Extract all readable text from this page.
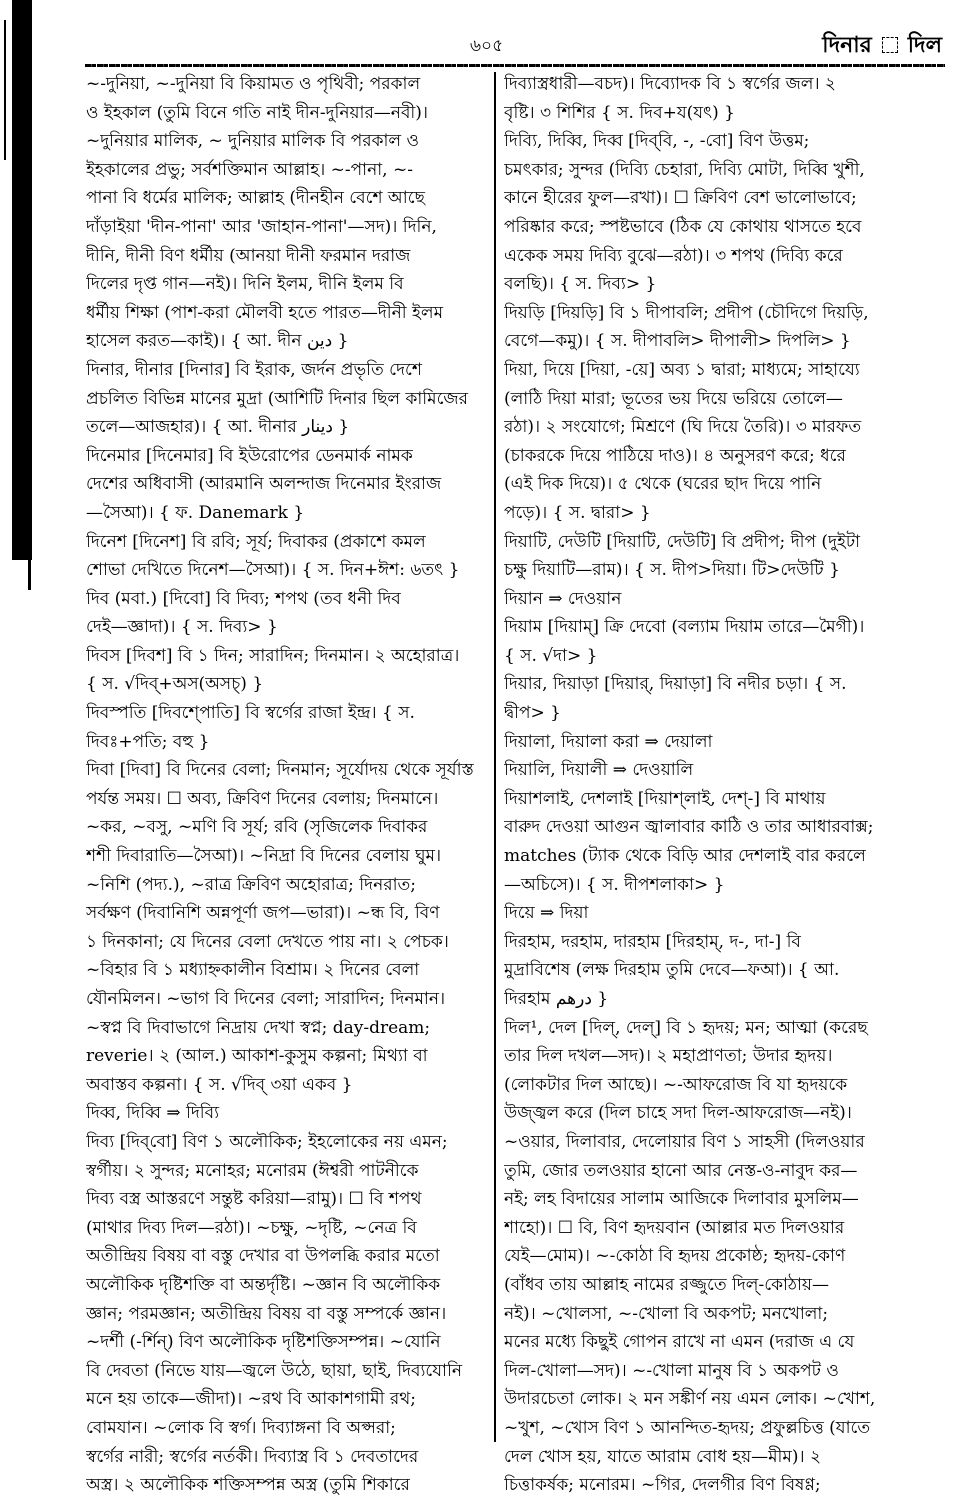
৬০৫	দিনার দিল
~-দুনিয়া, ~-দুনিয়া বি কিয়ামত ও পৃথিবী; পরকাল
ও ইহকাল (তুমি বিনে গতি নাই দীন-দুনিয়ার—নবী)।
~দুনিয়ার মালিক, ~ দুনিয়ার মালিক বি পরকাল ও
ইহকালের প্রভু; সর্বশক্তিমান আল্লাহ। ~-পানা, ~-
পানা বি ধর্মের মালিক; আল্লাহ (দীনহীন বেশে আছে
দাঁড়াইয়া 'দীন-পানা' আর 'জাহান-পানা'—সদ)। দিনি,
দীনি, দীনী বিণ ধর্মীয় (আনয়া দীনী ফরমান দরাজ
দিলের দৃপ্ত গান—নই)। দিনি ইলম, দীনি ইলম বি
ধর্মীয় শিক্ষা (পাশ-করা মৌলবী হতে পারত—দীনী ইলম
হাসেল করত—কাই)। { আ. দীন دين }
দিনার, দীনার [দিনার] বি ইরাক, জর্দন প্রভৃতি দেশে
প্রচলিত বিভিন্ন মানের মুদ্রা (আশিটি দিনার ছিল কামিজের
তলে—আজহার)। { আ. দীনার دينار }
দিনেমার [দিনেমার] বি ইউরোপের ডেনমার্ক নামক
দেশের অধিবাসী (আরমানি অলন্দাজ দিনেমার ইংরাজ
—সৈআ)। { ফ. Danemark }
দিনেশ [দিনেশ] বি রবি; সূর্য; দিবাকর (প্রকাশে কমল
শোভা দেখিতে দিনেশ—সৈআ)। { স. দিন+ঈশ: ৬তৎ }
দিব (মবা.) [দিবো] বি দিব্য; শপথ (তব ধনী দিব
দেই—জ্ঞাদা)। { স. দিব্য> }
দিবস [দিবশ] বি ১ দিন; সারাদিন; দিনমান। ২ অহোরাত্র।
{ স. √দিব্+অস(অসচ্) }
দিবস্পতি [দিবশ্পোতি] বি স্বর্গের রাজা ইন্দ্র। { স.
দিবঃ+পতি; বহু }
দিবা [দিবা] বি দিনের বেলা; দিনমান; সূর্যোদয় থেকে সূর্যাস্ত
পর্যন্ত সময়। ☐ অব্য, ক্রিবিণ দিনের বেলায়; দিনমানে।
~কর, ~বসু, ~মণি বি সূর্য; রবি (সৃজিলেক দিবাকর
শশী দিবারাতি—সৈআ)। ~নিদ্রা বি দিনের বেলায় ঘুম।
~নিশি (পদ্য.), ~রাত্র ক্রিবিণ অহোরাত্র; দিনরাত;
সর্বক্ষণ (দিবানিশি অন্নপূর্ণা জপ—ভারা)। ~ন্ধ বি, বিণ
১ দিনকানা; যে দিনের বেলা দেখতে পায় না। ২ পেচক।
~বিহার বি ১ মধ্যাহ্নকালীন বিশ্রাম। ২ দিনের বেলা
যৌনমিলন। ~ভাগ বি দিনের বেলা; সারাদিন; দিনমান।
~স্বপ্ন বি দিবাভাগে নিদ্রায় দেখা স্বপ্ন; day-dream;
reverie। ২ (আল.) আকাশ-কুসুম কল্পনা; মিথ্যা বা
অবাস্তব কল্পনা। { স. √দিব্ ৩য়া একব }
দিব্ব, দিব্বি ⇒ দিব্যি
দিব্য [দিব্‌বো] বিণ ১ অলৌকিক; ইহলোকের নয় এমন;
স্বর্গীয়। ২ সুন্দর; মনোহর; মনোরম (ঈশ্বরী পাটনীকে
দিব্য বস্ত্র আস্তরণে সন্তুষ্ট করিয়া—রামু)। ☐ বি শপথ
(মাথার দিব্য দিল—রঠা)। ~চক্ষু, ~দৃষ্টি, ~নেত্র বি
অতীন্দ্রিয় বিষয় বা বস্তু দেখার বা উপলব্ধি করার মতো
অলৌকিক দৃষ্টিশক্তি বা অন্তর্দৃষ্টি। ~জ্ঞান বি অলৌকিক
জ্ঞান; পরমজ্ঞান; অতীন্দ্রিয় বিষয় বা বস্তু সম্পর্কে জ্ঞান।
~দর্শী (-র্শিন্) বিণ অলৌকিক দৃষ্টিশক্তিসম্পন্ন। ~যোনি
বি দেবতা (নিভে যায়—জ্বলে উঠে, ছায়া, ছাই, দিব্যযোনি
মনে হয় তাকে—জীদা)। ~রথ বি আকাশগামী রথ;
বোমযান। ~লোক বি স্বর্গ। দিব্যাঙ্গনা বি অপ্সরা;
স্বর্গের নারী; স্বর্গের নর্তকী। দিব্যাস্ত্র বি ১ দেবতাদের
অস্ত্র। ২ অলৌকিক শক্তিসম্পন্ন অস্ত্র (তুমি শিকারে
দিব্যাস্ত্রধারী—বচদ)। দিব্যোদক বি ১ স্বর্গের জল। ২
বৃষ্টি। ৩ শিশির { স. দিব+য(যৎ) }
দিব্যি, দিব্বি, দিব্ব [দিব্‌বি, -, -বো] বিণ উত্তম;
চমৎকার; সুন্দর (দিব্যি চেহারা, দিব্যি মোটা, দিব্বি খুশী,
কানে হীরের ফুল—রখা)। ☐ ক্রিবিণ বেশ ভালোভাবে;
পরিষ্কার করে; স্পষ্টভাবে (ঠিক যে কোথায় থাসতে হবে
একেক সময় দিব্যি বুঝে—রঠা)। ৩ শপথ (দিব্যি করে
বলছি)। { স. দিব্য> }
দিয়ড়ি [দিয়ড়ি] বি ১ দীপাবলি; প্রদীপ (চৌদিগে দিয়ড়ি,
বেগে—কমু)। { স. দীপাবলি> দীপালী> দিপলি> }
দিয়া, দিয়ে [দিয়া, -য়ে] অব্য ১ দ্বারা; মাধ্যমে; সাহায্যে
(লাঠি দিয়া মারা; ভূতের ভয় দিয়ে ভরিয়ে তোলে—
রঠা)। ২ সংযোগে; মিশ্রণে (ঘি দিয়ে তৈরি)। ৩ মারফত
(চাকরকে দিয়ে পাঠিয়ে দাও)। ৪ অনুসরণ করে; ধরে
(এই দিক দিয়ে)। ৫ থেকে (ঘরের ছাদ দিয়ে পানি
পড়ে)। { স. দ্বারা> }
দিয়াটি, দেউটি [দিয়াটি, দেউটি] বি প্রদীপ; দীপ (দুইটা
চক্ষু দিয়াটি—রাম)। { স. দীপ>দিয়া। টি>দেউটি }
দিয়ান ⇒ দেওয়ান
দিয়াম [দিয়াম্] ক্রি দেবো (বল্যাম দিয়াম তারে—মৈগী)।
{ স. √দা> }
দিয়ার, দিয়াড়া [দিয়ার্, দিয়াড়া] বি নদীর চড়া। { স.
দ্বীপ> }
দিয়ালা, দিয়ালা করা ⇒ দেয়ালা
দিয়ালি, দিয়ালী ⇒ দেওয়ালি
দিয়াশলাই, দেশলাই [দিয়াশ্‌লাই, দেশ্-] বি মাথায়
বারুদ দেওয়া আগুন জ্বালাবার কাঠি ও তার আধারবাক্স;
matches (ট্যাক থেকে বিড়ি আর দেশলাই বার করলে
—অচিসে)। { স. দীপশলাকা> }
দিয়ে ⇒ দিয়া
দিরহাম, দরহাম, দারহাম [দিরহাম্, দ-, দা-] বি
মুদ্রাবিশেষ (লক্ষ দিরহাম তুমি দেবে—ফআ)। { আ.
দিরহাম درهم }
দিল¹, দেল [দিল্, দেল্] বি ১ হৃদয়; মন; আত্মা (করেছ
তার দিল দখল—সদ)। ২ মহাপ্রাণতা; উদার হৃদয়।
(লোকটার দিল আছে)। ~-আফরোজ বি যা হৃদয়কে
উজ্জ্বল করে (দিল চাহে সদা দিল-আফরোজ—নই)।
~ওয়ার, দিলাবার, দেলোয়ার বিণ ১ সাহসী (দিলওয়ার
তুমি, জোর তলওয়ার হানো আর নেস্ত-ও-নাবুদ কর—
নই; লহ বিদায়ের সালাম আজিকে দিলাবার মুসলিম—
শাহো)। ☐ বি, বিণ হৃদয়বান (আল্লার মত দিলওয়ার
যেই—মোম)। ~-কোঠা বি হৃদয় প্রকোষ্ঠ; হৃদয়-কোণ
(বাঁধব তায় আল্লাহ নামের রজ্জুতে দিল্-কোঠায়—
নই)। ~খোলসা, ~-খোলা বি অকপট; মনখোলা;
মনের মধ্যে কিছুই গোপন রাখে না এমন (দরাজ এ যে
দিল-খোলা—সদ)। ~-খোলা মানুষ বি ১ অকপট ও
উদারচেতা লোক। ২ মন সঙ্কীর্ণ নয় এমন লোক। ~খোশ,
~খুশ, ~খোস বিণ ১ আনন্দিত-হৃদয়; প্রফুল্লচিত্ত (যাতে
দেল খোস হয়, যাতে আরাম বোধ হয়—মীম)। ২
চিত্তাকর্ষক; মনোরম। ~গির, দেলগীর বিণ বিষণ্ণ;
